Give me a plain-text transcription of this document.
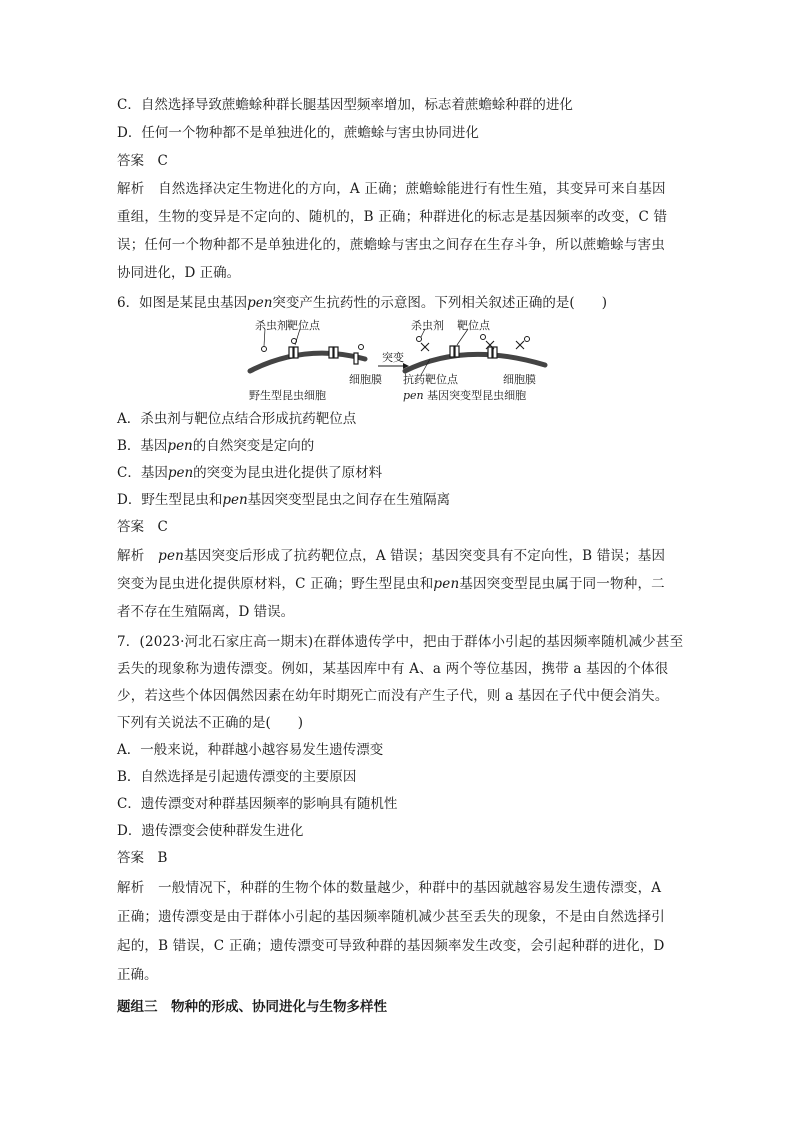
C．自然选择导致蔗蟾蜍种群长腿基因型频率增加，标志着蔗蟾蜍种群的进化
D．任何一个物种都不是单独进化的，蔗蟾蜍与害虫协同进化
答案　C
解析　自然选择决定生物进化的方向，A 正确；蔗蟾蜍能进行有性生殖，其变异可来自基因
重组，生物的变异是不定向的、随机的，B 正确；种群进化的标志是基因频率的改变，C 错
误；任何一个物种都不是单独进化的，蔗蟾蜍与害虫之间存在生存斗争，所以蔗蟾蜍与害虫
协同进化，D 正确。
6．如图是某昆虫基因pen突变产生抗药性的示意图。下列相关叙述正确的是(　　)
杀虫剂 靶位点
细胞膜
野生型昆虫细胞
突变
杀虫剂 靶位点
抗药靶位点	细胞膜
pen 基因突变型昆虫细胞
A．杀虫剂与靶位点结合形成抗药靶位点
B．基因pen的自然突变是定向的
C．基因pen的突变为昆虫进化提供了原材料
D．野生型昆虫和pen基因突变型昆虫之间存在生殖隔离
答案　C
解析　pen基因突变后形成了抗药靶位点，A 错误；基因突变具有不定向性，B 错误；基因
突变为昆虫进化提供原材料，C 正确；野生型昆虫和pen基因突变型昆虫属于同一物种，二
者不存在生殖隔离，D 错误。
7．(2023·河北石家庄高一期末)在群体遗传学中，把由于群体小引起的基因频率随机减少甚至
丢失的现象称为遗传漂变。例如，某基因库中有 A、a 两个等位基因，携带 a 基因的个体很
少，若这些个体因偶然因素在幼年时期死亡而没有产生子代，则 a 基因在子代中便会消失。
下列有关说法不正确的是(　　)
A．一般来说，种群越小越容易发生遗传漂变
B．自然选择是引起遗传漂变的主要原因
C．遗传漂变对种群基因频率的影响具有随机性
D．遗传漂变会使种群发生进化
答案　B
解析　一般情况下，种群的生物个体的数量越少，种群中的基因就越容易发生遗传漂变，A
正确；遗传漂变是由于群体小引起的基因频率随机减少甚至丢失的现象，不是由自然选择引
起的，B 错误，C 正确；遗传漂变可导致种群的基因频率发生改变，会引起种群的进化，D
正确。
题组三　物种的形成、协同进化与生物多样性
